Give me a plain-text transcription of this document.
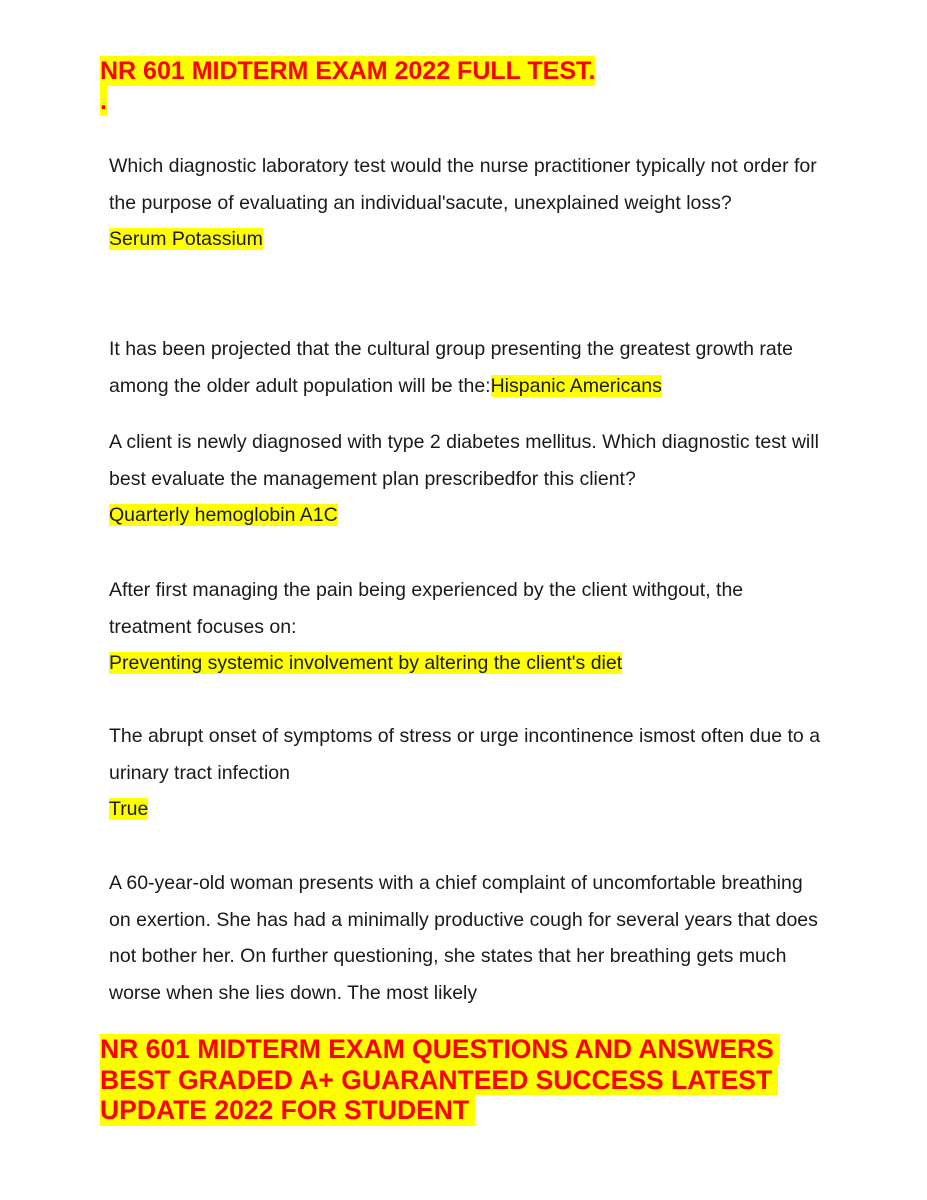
NR 601 MIDTERM EXAM 2022 FULL TEST.
.

Which diagnostic laboratory test would the nurse practitioner typically not order for the purpose of evaluating an individual'sacute, unexplained weight loss?

Serum Potassium

It has been projected that the cultural group presenting the greatest growth rate among the older adult population will be the:Hispanic Americans

A client is newly diagnosed with type 2 diabetes mellitus. Which diagnostic test will best evaluate the management plan prescribedfor this client?

Quarterly hemoglobin A1C

After first managing the pain being experienced by the client withgout, the treatment focuses on:

Preventing systemic involvement by altering the client's diet

The abrupt onset of symptoms of stress or urge incontinence ismost often due to a urinary tract infection

True

A 60-year-old woman presents with a chief complaint of uncomfortable breathing on exertion. She has had a minimally productive cough for several years that does not bother her. On further questioning, she states that her breathing gets much worse when she lies down. The most likely

NR 601 MIDTERM EXAM QUESTIONS AND ANSWERS
BEST GRADED A+ GUARANTEED SUCCESS LATEST
UPDATE 2022 FOR STUDENT
